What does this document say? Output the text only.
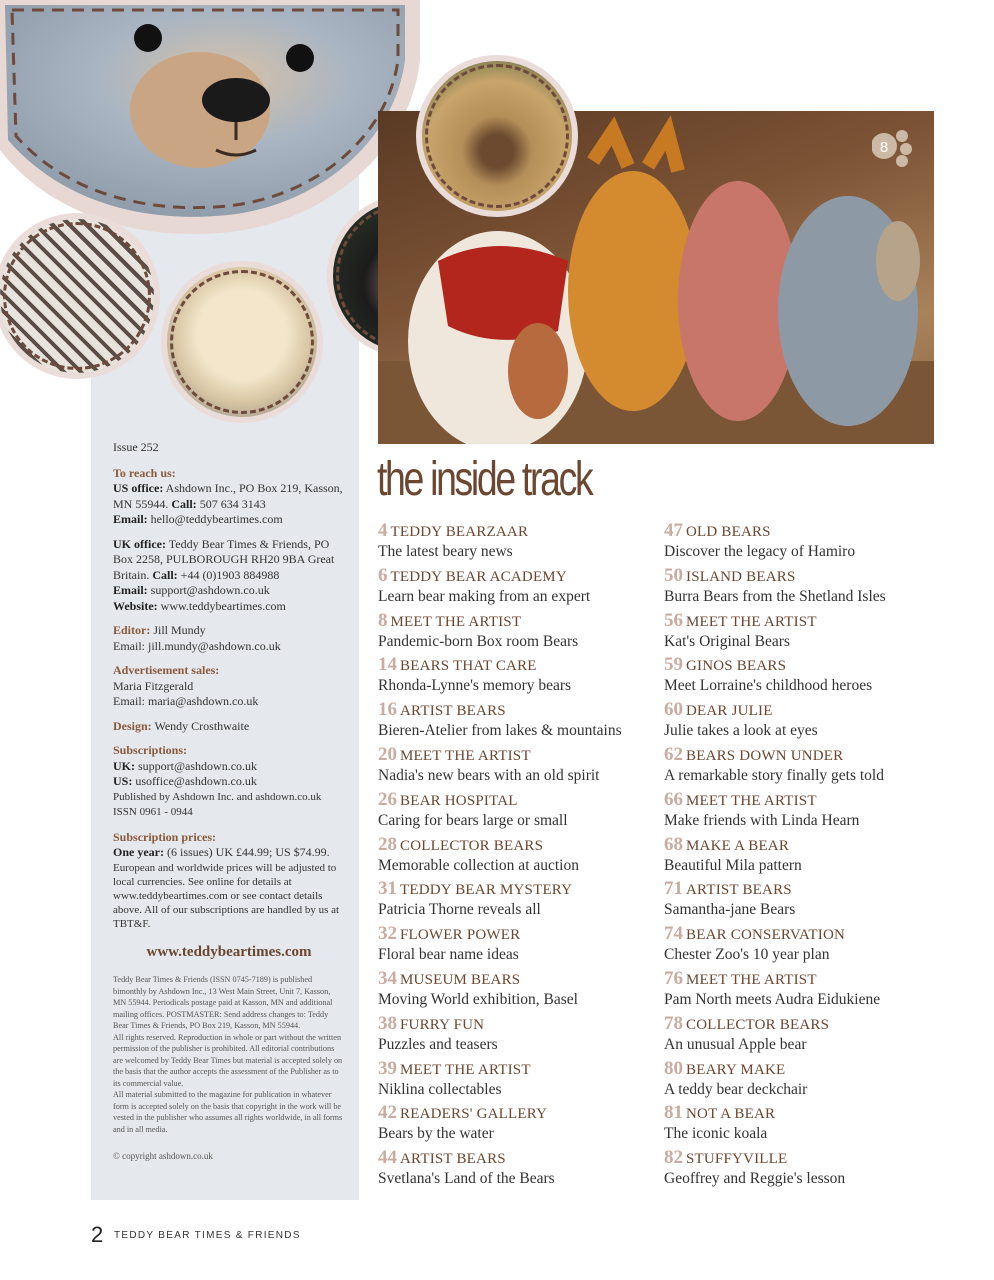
8
Issue 252
To reach us:
US office: Ashdown Inc., PO Box 219, Kasson, MN 55944. Call: 507 634 3143
Email: hello@teddybeartimes.com
UK office: Teddy Bear Times & Friends, PO Box 2258, PULBOROUGH RH20 9BA Great Britain. Call: +44 (0)1903 884988
Email: support@ashdown.co.uk
Website: www.teddybeartimes.com
Editor: Jill Mundy
Email: jill.mundy@ashdown.co.uk
Advertisement sales:
Maria Fitzgerald
Email: maria@ashdown.co.uk
Design: Wendy Crosthwaite
Subscriptions:
UK: support@ashdown.co.uk
US: usoffice@ashdown.co.uk
Published by Ashdown Inc. and ashdown.co.uk ISSN 0961 - 0944
Subscription prices:
One year: (6 issues) UK £44.99; US $74.99.
European and worldwide prices will be adjusted to local currencies. See online for details at www.teddybeartimes.com or see contact details above. All of our subscriptions are handled by us at TBT&F.
www.teddybeartimes.com
Teddy Bear Times & Friends (ISSN 0745-7189) is published bimonthly by Ashdown Inc., 13 West Main Street, Unit 7, Kasson, MN 55944. Periodicals postage paid at Kasson, MN and additional mailing offices. POSTMASTER: Send address changes to: Teddy Bear Times & Friends, PO Box 219, Kasson, MN 55944.
All rights reserved. Reproduction in whole or part without the written permission of the publisher is prohibited. All editorial contributions are welcomed by Teddy Bear Times but material is accepted solely on the basis that the author accepts the assessment of the Publisher as to its commercial value.
All material submitted to the magazine for publication in whatever form is accepted solely on the basis that copyright in the work will be vested in the publisher who assumes all rights worldwide, in all forms and in all media.
© copyright ashdown.co.uk
the inside track
4 TEDDY BEARZAAR
The latest beary news
6 TEDDY BEAR ACADEMY
Learn bear making from an expert
8 MEET THE ARTIST
Pandemic-born Box room Bears
14 BEARS THAT CARE
Rhonda-Lynne's memory bears
16 ARTIST BEARS
Bieren-Atelier from lakes & mountains
20 MEET THE ARTIST
Nadia's new bears with an old spirit
26 BEAR HOSPITAL
Caring for bears large or small
28 COLLECTOR BEARS
Memorable collection at auction
31 TEDDY BEAR MYSTERY
Patricia Thorne reveals all
32 FLOWER POWER
Floral bear name ideas
34 MUSEUM BEARS
Moving World exhibition, Basel
38 FURRY FUN
Puzzles and teasers
39 MEET THE ARTIST
Niklina collectables
42 READERS' GALLERY
Bears by the water
44 ARTIST BEARS
Svetlana's Land of the Bears
47 OLD BEARS
Discover the legacy of Hamiro
50 ISLAND BEARS
Burra Bears from the Shetland Isles
56 MEET THE ARTIST
Kat's Original Bears
59 GINOS BEARS
Meet Lorraine's childhood heroes
60 DEAR JULIE
Julie takes a look at eyes
62 BEARS DOWN UNDER
A remarkable story finally gets told
66 MEET THE ARTIST
Make friends with Linda Hearn
68 MAKE A BEAR
Beautiful Mila pattern
71 ARTIST BEARS
Samantha-jane Bears
74 BEAR CONSERVATION
Chester Zoo's 10 year plan
76 MEET THE ARTIST
Pam North meets Audra Eidukiene
78 COLLECTOR BEARS
An unusual Apple bear
80 BEARY MAKE
A teddy bear deckchair
81 NOT A BEAR
The iconic koala
82 STUFFYVILLE
Geoffrey and Reggie's lesson
2 TEDDY BEAR TIMES & FRIENDS
